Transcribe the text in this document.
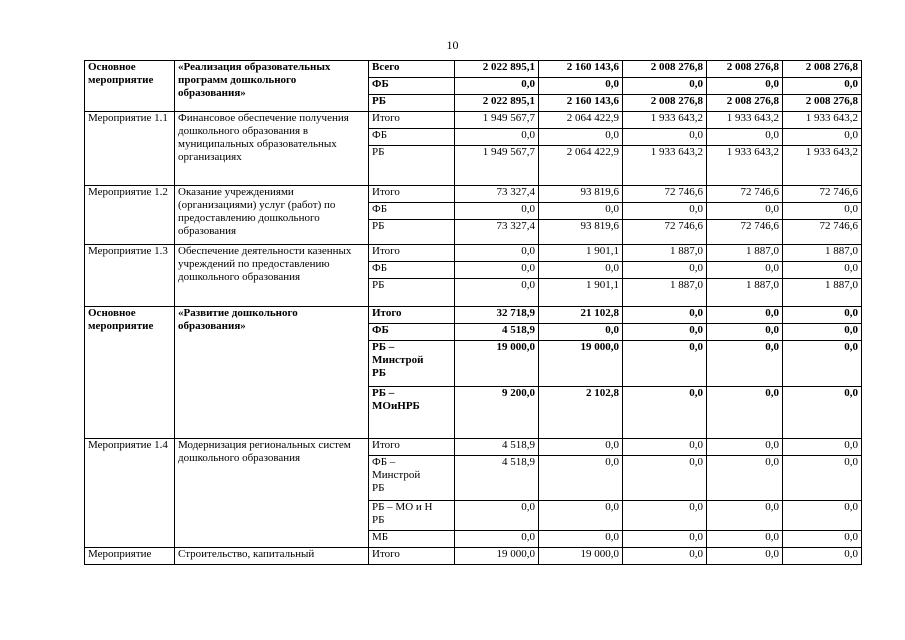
10
Основное мероприятие	«Реализация образовательных программ дошкольного образования»	Всего	2 022 895,1	2 160 143,6	2 008 276,8	2 008 276,8	2 008 276,8
		ФБ	0,0	0,0	0,0	0,0	0,0
		РБ	2 022 895,1	2 160 143,6	2 008 276,8	2 008 276,8	2 008 276,8
Мероприятие 1.1	Финансовое обеспечение получения дошкольного образования в муниципальных образовательных организациях	Итого	1 949 567,7	2 064 422,9	1 933 643,2	1 933 643,2	1 933 643,2
		ФБ	0,0	0,0	0,0	0,0	0,0
		РБ	1 949 567,7	2 064 422,9	1 933 643,2	1 933 643,2	1 933 643,2
Мероприятие 1.2	Оказание учреждениями (организациями) услуг (работ) по предоставлению дошкольного образования	Итого	73 327,4	93 819,6	72 746,6	72 746,6	72 746,6
		ФБ	0,0	0,0	0,0	0,0	0,0
		РБ	73 327,4	93 819,6	72 746,6	72 746,6	72 746,6
Мероприятие 1.3	Обеспечение деятельности казенных учреждений по предоставлению дошкольного образования	Итого	0,0	1 901,1	1 887,0	1 887,0	1 887,0
		ФБ	0,0	0,0	0,0	0,0	0,0
		РБ	0,0	1 901,1	1 887,0	1 887,0	1 887,0
Основное мероприятие	«Развитие дошкольного образования»	Итого	32 718,9	21 102,8	0,0	0,0	0,0
		ФБ	4 518,9	0,0	0,0	0,0	0,0
		РБ –
Минстрой
РБ	19 000,0	19 000,0	0,0	0,0	0,0
		РБ –
МОиНРБ	9 200,0	2 102,8	0,0	0,0	0,0
Мероприятие 1.4	Модернизация региональных систем дошкольного образования	Итого	4 518,9	0,0	0,0	0,0	0,0
		ФБ –
Минстрой
РБ	4 518,9	0,0	0,0	0,0	0,0
		РБ – МО и Н
РБ	0,0	0,0	0,0	0,0	0,0
		МБ	0,0	0,0	0,0	0,0	0,0
Мероприятие	Строительство, капитальный	Итого	19 000,0	19 000,0	0,0	0,0	0,0
